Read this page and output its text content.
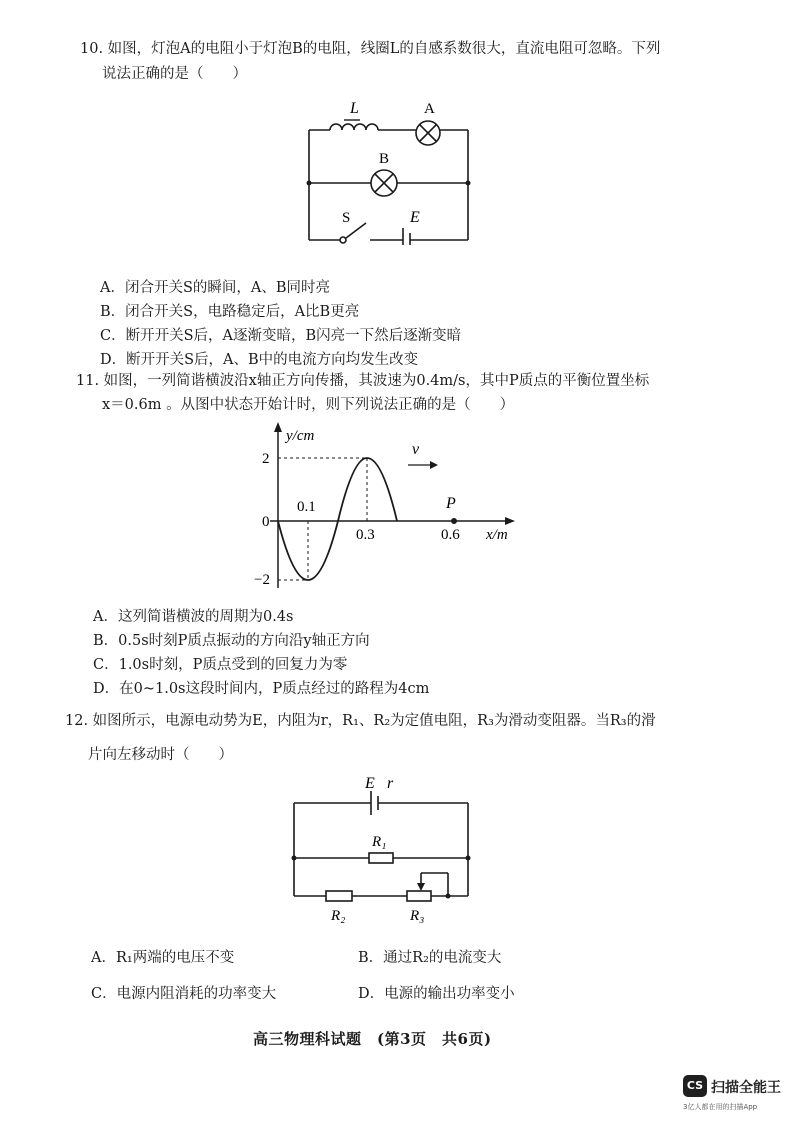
10. 如图，灯泡A的电阻小于灯泡B的电阻，线圈L的自感系数很大，直流电阻可忽略。下列
说法正确的是（　　）
L	A
B
S	E
A．闭合开关S的瞬间，A、B同时亮
B．闭合开关S，电路稳定后，A比B更亮
C．断开开关S后，A逐渐变暗，B闪亮一下然后逐渐变暗
D．断开开关S后，A、B中的电流方向均发生改变
11. 如图，一列简谐横波沿x轴正方向传播，其波速为0.4m/s，其中P质点的平衡位置坐标
x＝0.6m 。从图中状态开始计时，则下列说法正确的是（　　）
y/cm
x/m
2
0
−2
0.1
0.3	0.6
P
v
A．这列简谐横波的周期为0.4s
B．0.5s时刻P质点振动的方向沿y轴正方向
C．1.0s时刻，P质点受到的回复力为零
D．在0~1.0s这段时间内，P质点经过的路程为4cm
12. 如图所示，电源电动势为E，内阻为r，R₁、R₂为定值电阻，R₃为滑动变阻器。当R₃的滑
片向左移动时（　　）
E r
R₁
R₂	R₃
A．R₁两端的电压不变	B．通过R₂的电流变大
C．电源内阻消耗的功率变大	D．电源的输出功率变小
高三物理科试题　(第3页　共6页)
CS 扫描全能王
3亿人都在用的扫描App
